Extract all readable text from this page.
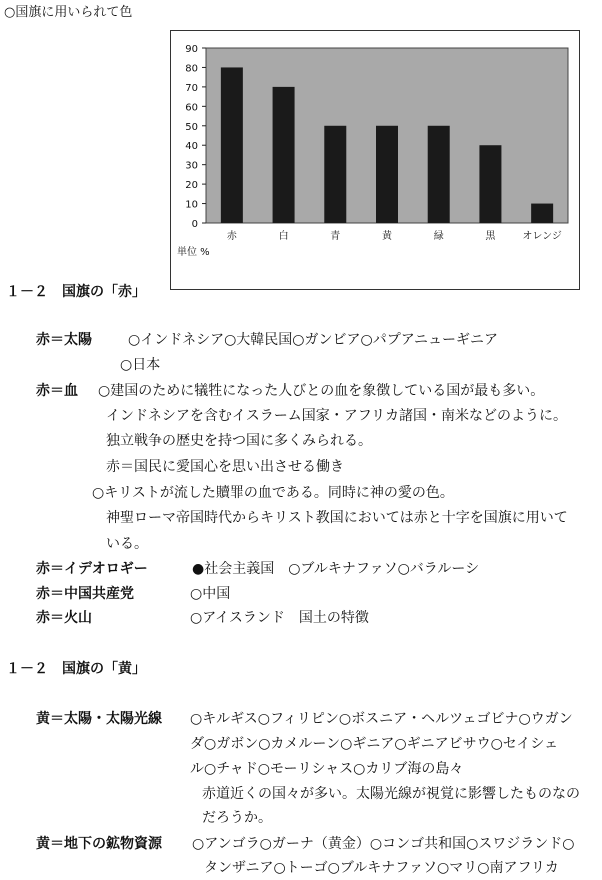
○国旗に用いられて色
0
10
20
30
40
50
60
70
80
90
赤	白	青	黄	緑	黒	オレンジ
単位 %
１－２　国旗の「赤」
赤＝太陽	○インドネシア○大韓民国○ガンビア○パプアニューギニア
○日本
赤＝血 ○建国のために犠牲になった人びとの血を象徴している国が最も多い。
インドネシアを含むイスラーム国家・アフリカ諸国・南米などのように。
独立戦争の歴史を持つ国に多くみられる。
赤＝国民に愛国心を思い出させる働き
○キリストが流した贖罪の血である。同時に神の愛の色。
神聖ローマ帝国時代からキリスト教国においては赤と十字を国旗に用いて
いる。
赤＝イデオロギー	●社会主義国　○ブルキナファソ○バラルーシ
赤＝中国共産党	○中国
赤＝火山	○アイスランド　国土の特徴
１－２　国旗の「黄」
黄＝太陽・太陽光線 ○キルギス○フィリピン○ボスニア・ヘルツェゴビナ○ウガン
ダ○ガボン○カメルーン○ギニア○ギニアビサウ○セイシェ
ル○チャド○モーリシャス○カリブ海の島々
赤道近くの国々が多い。太陽光線が視覚に影響したものなの
だろうか。
黄＝地下の鉱物資源 ○アンゴラ○ガーナ（黄金）○コンゴ共和国○スワジランド○
タンザニア○トーゴ○ブルキナファソ○マリ○南アフリカ
